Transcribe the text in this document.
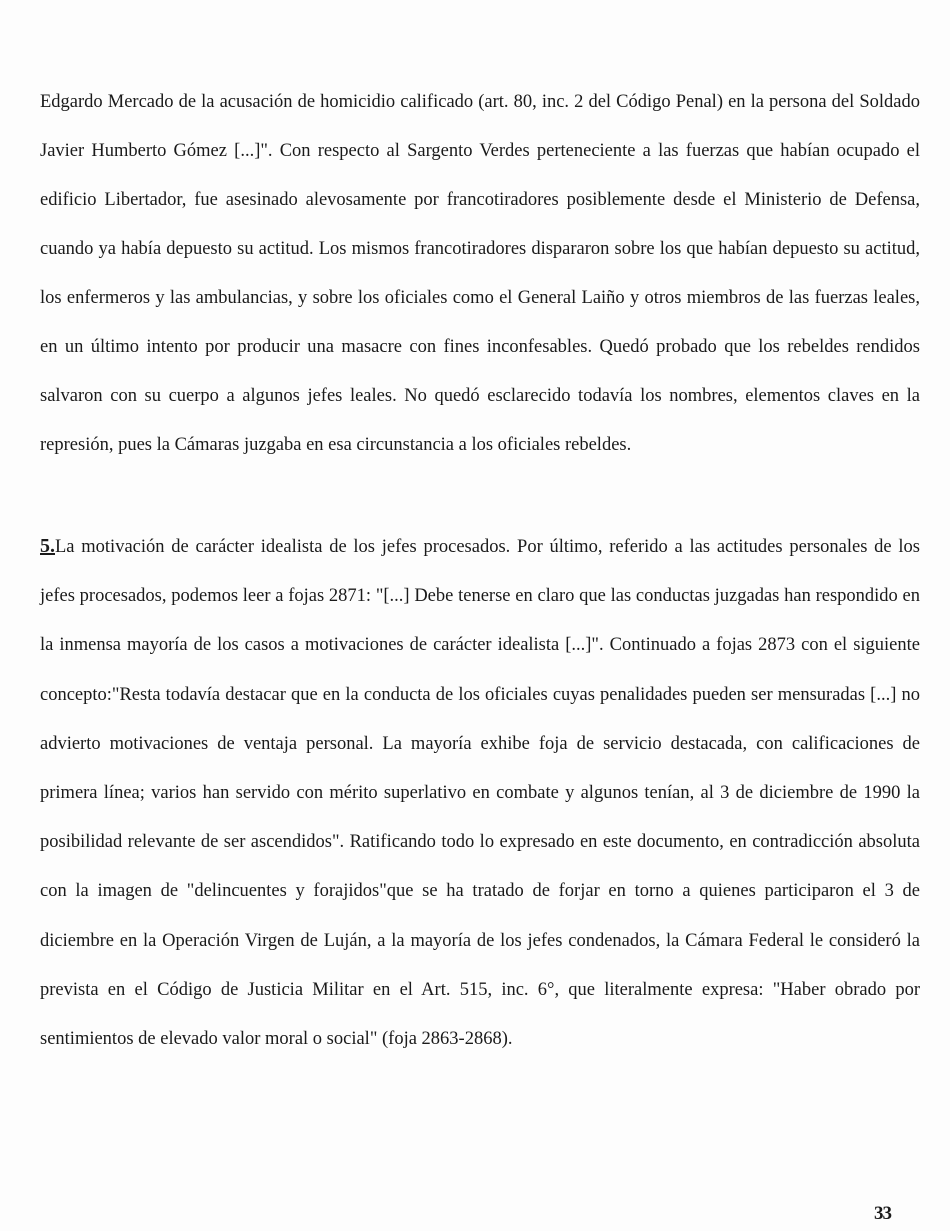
Edgardo Mercado de la acusación de homicidio calificado (art. 80, inc. 2 del Código Penal) en la persona del Soldado Javier Humberto Gómez [...]". Con respecto al Sargento Verdes perteneciente a las fuerzas que habían ocupado el edificio Libertador, fue asesinado alevosamente por francotiradores posiblemente desde el Ministerio de Defensa, cuando ya había depuesto su actitud. Los mismos francotiradores dispararon sobre los que habían depuesto su actitud, los enfermeros y las ambulancias, y sobre los oficiales como el General Laiño y otros miembros de las fuerzas leales, en un último intento por producir una masacre con fines inconfesables. Quedó probado que los rebeldes rendidos salvaron con su cuerpo a algunos jefes leales. No quedó esclarecido todavía los nombres, elementos claves en la represión, pues la Cámaras juzgaba en esa circunstancia a los oficiales rebeldes.
5.La motivación de carácter idealista de los jefes procesados. Por último, referido a las actitudes personales de los jefes procesados, podemos leer a fojas 2871: "[...] Debe tenerse en claro que las conductas juzgadas han respondido en la inmensa mayoría de los casos a motivaciones de carácter idealista [...]". Continuado a fojas 2873 con el siguiente concepto:"Resta todavía destacar que en la conducta de los oficiales cuyas penalidades pueden ser mensuradas [...] no advierto motivaciones de ventaja personal. La mayoría exhibe foja de servicio destacada, con calificaciones de primera línea; varios han servido con mérito superlativo en combate y algunos tenían, al 3 de diciembre de 1990 la posibilidad relevante de ser ascendidos". Ratificando todo lo expresado en este documento, en contradicción absoluta con la imagen de "delincuentes y forajidos"que se ha tratado de forjar en torno a quienes participaron el 3 de diciembre en la Operación Virgen de Luján, a la mayoría de los jefes condenados, la Cámara Federal le consideró la prevista en el Código de Justicia Militar en el Art. 515, inc. 6°, que literalmente expresa: "Haber obrado por sentimientos de elevado valor moral o social" (foja 2863-2868).
33
